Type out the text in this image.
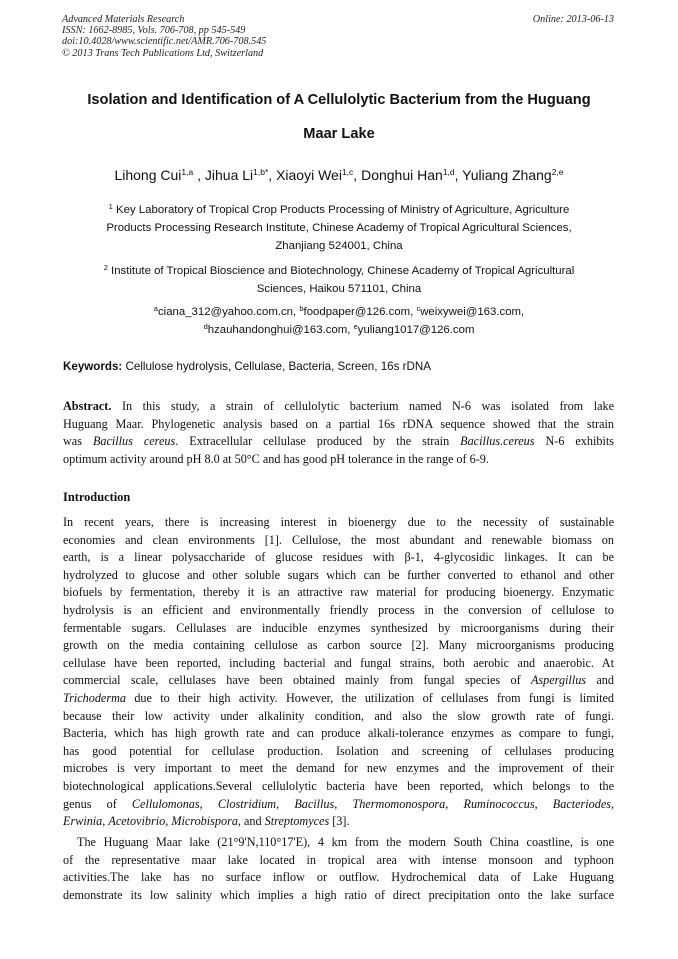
Advanced Materials Research
ISSN: 1662-8985, Vols. 706-708, pp 545-549
doi:10.4028/www.scientific.net/AMR.706-708.545
© 2013 Trans Tech Publications Ltd, Switzerland
Online: 2013-06-13
Isolation and Identification of A Cellulolytic Bacterium from the Huguang
Maar Lake
Lihong Cui$^{1,a}$ , Jihua $Li^{1,b*}$, Xiaoyi Wei$^{1,c}$, Donghui Han$^{1,d}$, Yuliang Zhang$^{2,e}$
$^1$ Key Laboratory of Tropical Crop Products Processing of Ministry of Agriculture, Agriculture
Products Processing Research Institute, Chinese Academy of Tropical Agricultural Sciences,
Zhanjiang 524001, China
$^2$ Institute of Tropical Bioscience and Biotechnology, Chinese Academy of Tropical Agricultural
Sciences, Haikou 571101, China
$^a$ciana_312@yahoo.com.cn, $^b$foodpaper@126.com, $^c$weixywei@163.com,
$^d$hzauhandonghui@163.com, $^e$yuliang1017@126.com
Keywords: Cellulose hydrolysis, Cellulase, Bacteria, Screen, 16s rDNA
Abstract. In this study, a strain of cellulolytic bacterium named N-6 was isolated from lake
Huguang Maar. Phylogenetic analysis based on a partial 16s rDNA sequence showed that the strain
was Bacillus cereus. Extracellular cellulase produced by the strain Bacillus.cereus N-6 exhibits
optimum activity around pH 8.0 at 50°C and has good pH tolerance in the range of 6-9.
Introduction
In recent years, there is increasing interest in bioenergy due to the necessity of sustainable
economies and clean environments [1]. Cellulose, the most abundant and renewable biomass on
earth, is a linear polysaccharide of glucose residues with β-1, 4-glycosidic linkages. It can be
hydrolyzed to glucose and other soluble sugars which can be further converted to ethanol and other
biofuels by fermentation, thereby it is an attractive raw material for producing bioenergy. Enzymatic
hydrolysis is an efficient and environmentally friendly process in the conversion of cellulose to
fermentable sugars. Cellulases are inducible enzymes synthesized by microorganisms during their
growth on the media containing cellulose as carbon source [2]. Many microorganisms producing
cellulase have been reported, including bacterial and fungal strains, both aerobic and anaerobic. At
commercial scale, cellulases have been obtained mainly from fungal species of Aspergillus and
Trichoderma due to their high activity. However, the utilization of cellulases from fungi is limited
because their low activity under alkalinity condition, and also the slow growth rate of fungi.
Bacteria, which has high growth rate and can produce alkali-tolerance enzymes as compare to fungi,
has good potential for cellulase production. Isolation and screening of cellulases producing
microbes is very important to meet the demand for new enzymes and the improvement of their
biotechnological applications.Several cellulolytic bacteria have been reported, which belongs to the
genus of Cellulomonas, Clostridium, Bacillus, Thermomonospora, Ruminococcus, Bacteriodes,
Erwinia, Acetovibrio, Microbispora, and Streptomyces [3].
The Huguang Maar lake (21°9'N,110°17'E), 4 km from the modern South China coastline, is one
of the representative maar lake located in tropical area with intense monsoon and typhoon
activities.The lake has no surface inflow or outflow. Hydrochemical data of Lake Huguang
demonstrate its low salinity which implies a high ratio of direct precipitation onto the lake surface
